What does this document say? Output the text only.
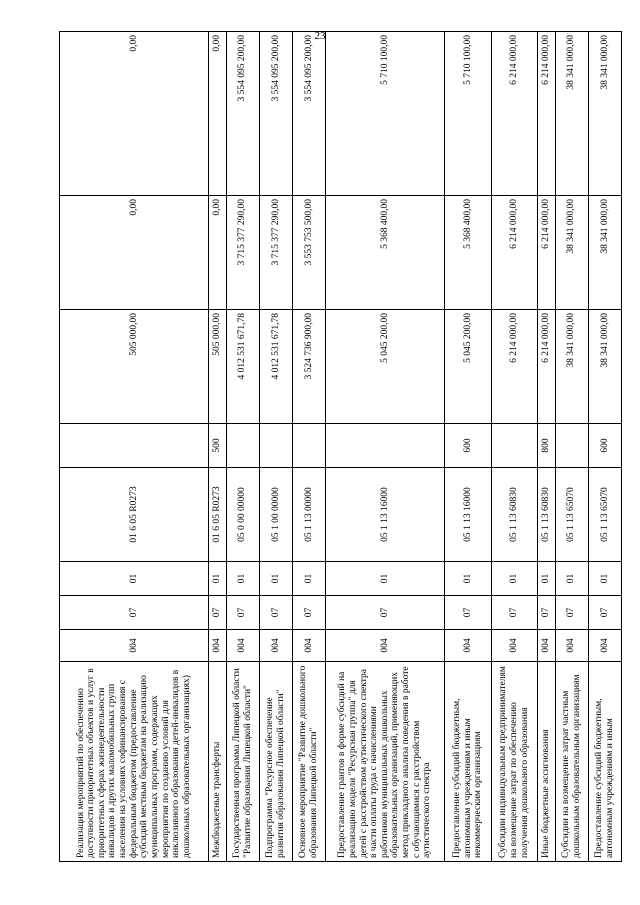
23
Реализация мероприятий по обеспечению доступности приоритетных объектов и услуг в приоритетных сферах жизнедеятельности инвалидов и других маломобильных групп населения на условиях софинансирования с федеральным бюджетом (предоставление субсидий местным бюджетам на реализацию муниципальных программ, содержащих мероприятия по созданию условий для инклюзивного образования детей-инвалидов в дошкольных образовательных организациях)	004	07	01	01 6 05 R0273		505 000,00	0,00	0,00
Межбюджетные трансферты	004	07	01	01 6 05 R0273	500	505 000,00	0,00	0,00
Государственная программа Липецкой области "Развитие образования Липецкой области"	004	07	01	05 0 00 00000		4 012 531 671,78	3 715 377 290,00	3 554 095 200,00
Подпрограмма "Ресурсное обеспечение развития образования Липецкой области"	004	07	01	05 1 00 00000		4 012 531 671,78	3 715 377 290,00	3 554 095 200,00
Основное мероприятие "Развитие дошкольного образования Липецкой области"	004	07	01	05 1 13 00000		3 524 736 900,00	3 553 753 500,00	3 554 095 200,00
Предоставление грантов в форме субсидий на реализацию модели "Ресурсная группа" для детей с расстройством аутистического спектра в части оплаты труда с начислениями работников муниципальных дошкольных образовательных организаций, применяющих метод прикладного анализа поведения в работе с обучающимися с расстройством аутистического спектра	004	07	01	05 1 13 16000		5 045 200,00	5 368 400,00	5 710 100,00
Предоставление субсидий бюджетным, автономным учреждениям и иным некоммерческим организациям	004	07	01	05 1 13 16000	600	5 045 200,00	5 368 400,00	5 710 100,00
Субсидии индивидуальным предпринимателям на возмещение затрат по обеспечению получения дошкольного образования	004	07	01	05 1 13 60830		6 214 000,00	6 214 000,00	6 214 000,00
Иные бюджетные ассигнования	004	07	01	05 1 13 60830	800	6 214 000,00	6 214 000,00	6 214 000,00
Субсидии на возмещение затрат частным дошкольным образовательным организациям	004	07	01	05 1 13 65070		38 341 000,00	38 341 000,00	38 341 000,00
Предоставление субсидий бюджетным, автономным учреждениям и иным	004	07	01	05 1 13 65070	600	38 341 000,00	38 341 000,00	38 341 000,00
